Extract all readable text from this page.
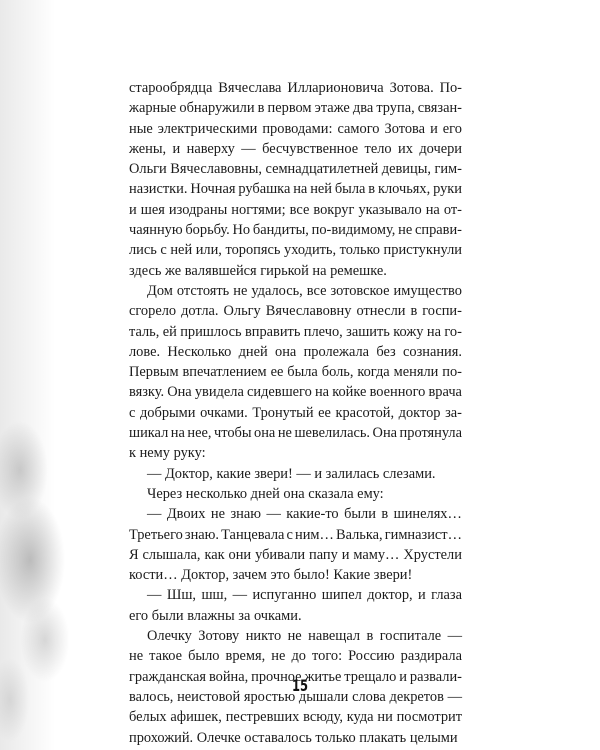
старообрядца Вячеслава Илларионовича Зотова. По-
жарные обнаружили в первом этаже два трупа, связан-
ные электрическими проводами: самого Зотова и его
жены, и наверху — бесчувственное тело их дочери
Ольги Вячеславовны, семнадцатилетней девицы, гим-
назистки. Ночная рубашка на ней была в клочьях, руки
и шея изодраны ногтями; все вокруг указывало на от-
чаянную борьбу. Но бандиты, по-видимому, не справи-
лись с ней или, торопясь уходить, только пристукнули
здесь же валявшейся гирькой на ремешке.
Дом отстоять не удалось, все зотовское имущество
сгорело дотла. Ольгу Вячеславовну отнесли в госпи-
таль, ей пришлось вправить плечо, зашить кожу на го-
лове. Несколько дней она пролежала без сознания.
Первым впечатлением ее была боль, когда меняли по-
вязку. Она увидела сидевшего на койке военного врача
с добрыми очками. Тронутый ее красотой, доктор за-
шикал на нее, чтобы она не шевелилась. Она протянула
к нему руку:
— Доктор, какие звери! — и залилась слезами.
Через несколько дней она сказала ему:
— Двоих не знаю — какие-то были в шинелях…
Третьего знаю. Танцевала с ним… Валька, гимназист…
Я слышала, как они убивали папу и маму… Хрустели
кости… Доктор, зачем это было! Какие звери!
— Шш, шш, — испуганно шипел доктор, и глаза
его были влажны за очками.
Олечку Зотову никто не навещал в госпитале —
не такое было время, не до того: Россию раздирала
гражданская война, прочное житье трещало и развали-
валось, неистовой яростью дышали слова декретов —
белых афишек, пестревших всюду, куда ни посмотрит
прохожий. Олечке оставалось только плакать целыми
15
